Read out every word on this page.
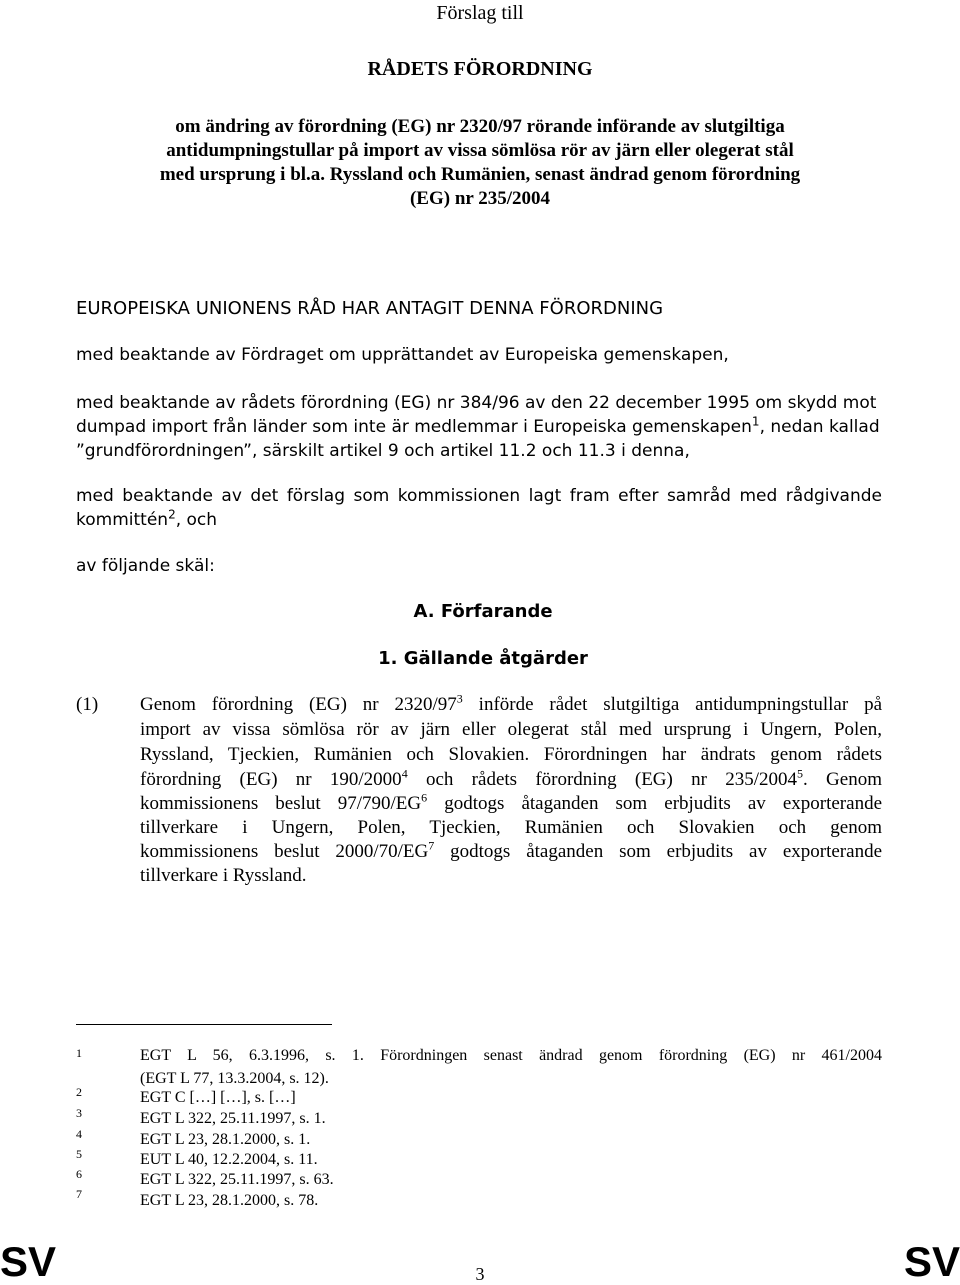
Förslag till
RÅDETS FÖRORDNING
om ändring av förordning (EG) nr 2320/97 rörande införande av slutgiltiga
antidumpningstullar på import av vissa sömlösa rör av järn eller olegerat stål
med ursprung i bl.a. Ryssland och Rumänien, senast ändrad genom förordning
(EG) nr 235/2004
EUROPEISKA UNIONENS RÅD HAR ANTAGIT DENNA FÖRORDNING
med beaktande av Fördraget om upprättandet av Europeiska gemenskapen,
med beaktande av rådets förordning (EG) nr 384/96 av den 22 december 1995 om skydd mot
dumpad import från länder som inte är medlemmar i Europeiska gemenskapen$^1$, nedan kallad
”grundförordningen”, särskilt artikel 9 och artikel 11.2 och 11.3 i denna,
med beaktande av det förslag som kommissionen lagt fram efter samråd med rådgivande
kommittén$^2$, och
av följande skäl:
A. Förfarande
1. Gällande åtgärder
(1) Genom förordning (EG) nr $2320/97^3$ införde rådet slutgiltiga antidumpningstullar på
import av vissa sömlösa rör av järn eller olegerat stål med ursprung i Ungern, Polen,
Ryssland, Tjeckien, Rumänien och Slovakien. Förordningen har ändrats genom rådets
förordning (EG) nr 190/2000$^4$ och rådets förordning (EG) nr 235/2004$^5$. Genom
kommissionens beslut $97/790/EG^6$ godtogs åtaganden som erbjudits av exporterande
tillverkare i Ungern, Polen, Tjeckien, Rumänien och Slovakien och genom
kommissionens beslut $2000/70/EG^7$ godtogs åtaganden som erbjudits av exporterande
tillverkare i Ryssland.
1	EGT L 56, 6.3.1996, s. 1. Förordningen senast ändrad genom förordning (EG) nr 461/2004
(EGT L 77, 13.3.2004, s. 12).
2	EGT C […] […], s. […]
3	EGT L 322, 25.11.1997, s. 1.
4	EGT L 23, 28.1.2000, s. 1.
5	EUT L 40, 12.2.2004, s. 11.
6	EGT L 322, 25.11.1997, s. 63.
7	EGT L 23, 28.1.2000, s. 78.
SV	3	SV
